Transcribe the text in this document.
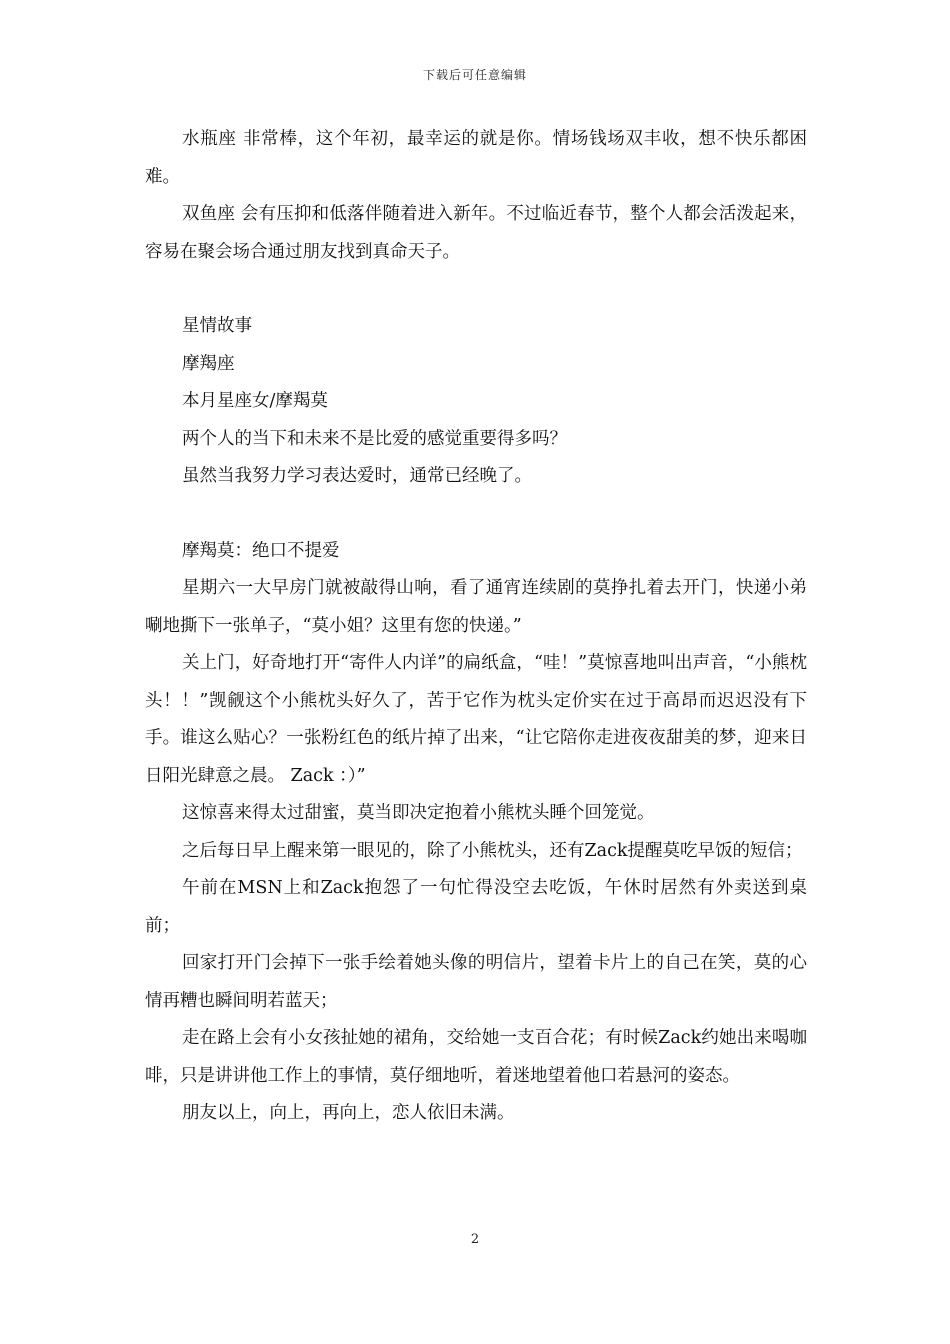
下载后可任意编辑

水瓶座 非常棒，这个年初，最幸运的就是你。情场钱场双丰收，想不快乐都困难。

双鱼座 会有压抑和低落伴随着进入新年。不过临近春节，整个人都会活泼起来，容易在聚会场合通过朋友找到真命天子。

星情故事

摩羯座

本月星座女/摩羯莫

两个人的当下和未来不是比爱的感觉重要得多吗？

虽然当我努力学习表达爱时，通常已经晚了。

摩羯莫：绝口不提爱

星期六一大早房门就被敲得山响，看了通宵连续剧的莫挣扎着去开门，快递小弟唰地撕下一张单子，“莫小姐？这里有您的快递。”

关上门，好奇地打开“寄件人内详”的扁纸盒，“哇！”莫惊喜地叫出声音，“小熊枕头！！”觊觎这个小熊枕头好久了，苦于它作为枕头定价实在过于高昂而迟迟没有下手。谁这么贴心？一张粉红色的纸片掉了出来，“让它陪你走进夜夜甜美的梦，迎来日日阳光肆意之晨。 Zack ：）”

这惊喜来得太过甜蜜，莫当即决定抱着小熊枕头睡个回笼觉。

之后每日早上醒来第一眼见的，除了小熊枕头，还有Zack提醒莫吃早饭的短信；

午前在MSN上和Zack抱怨了一句忙得没空去吃饭，午休时居然有外卖送到桌前；

回家打开门会掉下一张手绘着她头像的明信片，望着卡片上的自己在笑，莫的心情再糟也瞬间明若蓝天；

走在路上会有小女孩扯她的裙角，交给她一支百合花；有时候Zack约她出来喝咖啡，只是讲讲他工作上的事情，莫仔细地听，着迷地望着他口若悬河的姿态。

朋友以上，向上，再向上，恋人依旧未满。

2
